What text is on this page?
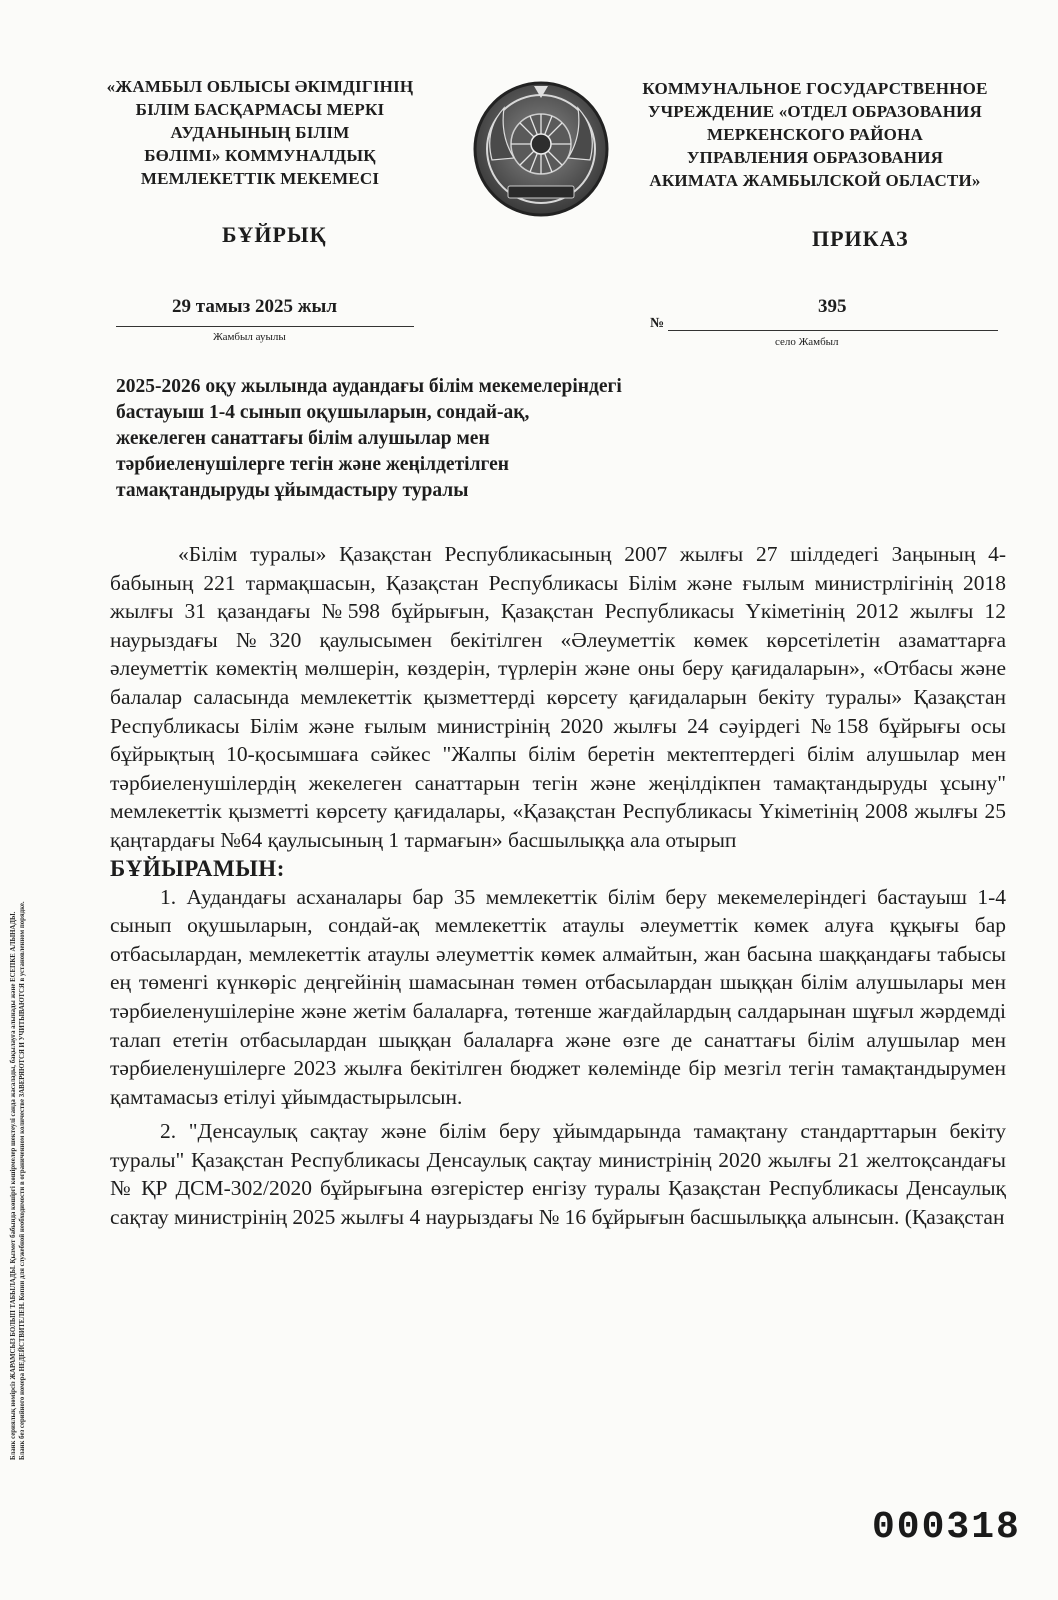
«ЖАМБЫЛ ОБЛЫСЫ ӘКІМДІГІНІҢ
БІЛІМ БАСҚАРМАСЫ МЕРКІ
АУДАНЫНЫҢ БІЛІМ
БӨЛІМІ» КОММУНАЛДЫҚ
МЕМЛЕКЕТТІК МЕКЕМЕСІ
КОММУНАЛЬНОЕ ГОСУДАРСТВЕННОЕ
УЧРЕЖДЕНИЕ «ОТДЕЛ ОБРАЗОВАНИЯ
МЕРКЕНСКОГО РАЙОНА
УПРАВЛЕНИЯ ОБРАЗОВАНИЯ
АКИМАТА ЖАМБЫЛСКОЙ ОБЛАСТИ»
БҰЙРЫҚ	ПРИКАЗ
29 тамыз 2025 жыл
Жамбыл ауылы
№
395
село Жамбыл
2025-2026 оқу жылында аудандағы білім мекемелеріндегі
бастауыш 1-4 сынып оқушыларын, сондай-ақ,
жекелеген санаттағы білім алушылар мен
тәрбиеленушілерге тегін және жеңілдетілген
тамақтандыруды ұйымдастыру туралы

«Білім туралы» Қазақстан Республикасының 2007 жылғы 27 шілдедегі Заңының 4-бабының 221 тармақшасын, Қазақстан Республикасы Білім және ғылым министрлігінің 2018 жылғы 31 қазандағы №598 бұйрығын, Қазақстан Республикасы Үкіметінің 2012 жылғы 12 наурыздағы №320 қаулысымен бекітілген «Әлеуметтік көмек көрсетілетін азаматтарға әлеуметтік көмектің мөлшерін, көздерін, түрлерін және оны беру қағидаларын», «Отбасы және балалар саласында мемлекеттік қызметтерді көрсету қағидаларын бекіту туралы» Қазақстан Республикасы Білім және ғылым министрінің 2020 жылғы 24 сәуірдегі №158 бұйрығы осы бұйрықтың 10-қосымшаға сәйкес "Жалпы білім беретін мектептердегі білім алушылар мен тәрбиеленушілердің жекелеген санаттарын тегін және жеңілдікпен тамақтандыруды ұсыну" мемлекеттік қызметті көрсету қағидалары, «Қазақстан Республикасы Үкіметінің 2008 жылғы 25 қаңтардағы №64 қаулысының 1 тармағын» басшылыққа ала отырып

БҰЙЫРАМЫН:

1. Аудандағы асханалары бар 35 мемлекеттік білім беру мекемелеріндегі бастауыш 1-4 сынып оқушыларын, сондай-ақ мемлекеттік атаулы әлеуметтік көмек алуға құқығы бар отбасылардан, мемлекеттік атаулы әлеуметтік көмек алмайтын, жан басына шаққандағы табысы ең төменгі күнкөріс деңгейінің шамасынан төмен отбасылардан шыққан білім алушылары мен тәрбиеленушілеріне және жетім балаларға, төтенше жағдайлардың салдарынан шұғыл жәрдемді талап ететін отбасылардан шыққан балаларға және өзге де санаттағы білім алушылар мен тәрбиеленушілерге 2023 жылға бекітілген бюджет көлемінде бір мезгіл тегін тамақтандырумен қамтамасыз етілуі ұйымдастырылсын.

2. "Денсаулық сақтау және білім беру ұйымдарында тамақтану стандарттарын бекіту туралы" Қазақстан Республикасы Денсаулық сақтау министрінің 2020 жылғы 21 желтоқсандағы № ҚР ДСМ-302/2020 бұйрығына өзгерістер енгізу туралы Қазақстан Республикасы Денсаулық сақтау министрінің 2025 жылғы 4 наурыздағы № 16 бұйрығын басшылыққа алынсын. (Қазақстан

Бланк сериялық нөмірсіз ЖАРАМСЫЗ БОЛЫП ТАБЫЛАДЫ. Қызмет бабында көшіргі көшірмелер шектеулі санда жасалады, бақылауға алынады және ЕСЕПКЕ АЛЫНАДЫ. Бланк без серийного номера НЕДЕЙСТВИТЕЛЕН. Копии для служебной необходимости в ограниченном количестве ЗАВЕРЯЮТСЯ И УЧИТЫВАЮТСЯ в установленном порядке.
000318
